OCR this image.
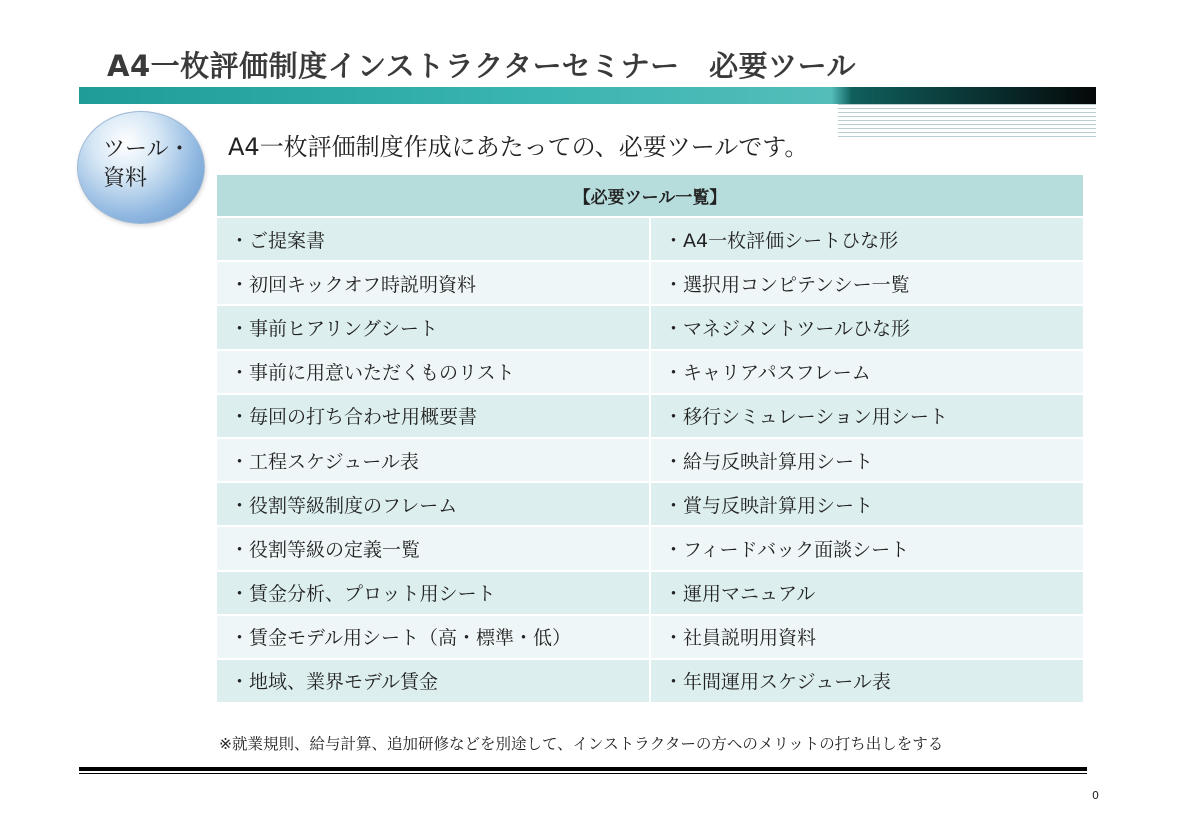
A4一枚評価制度インストラクターセミナー　必要ツール
ツール・
資料
A4一枚評価制度作成にあたっての、必要ツールです。
【必要ツール一覧】	
・ご提案書	・A4一枚評価シートひな形
・初回キックオフ時説明資料	・選択用コンピテンシー一覧
・事前ヒアリングシート	・マネジメントツールひな形
・事前に用意いただくものリスト	・キャリアパスフレーム
・毎回の打ち合わせ用概要書	・移行シミュレーション用シート
・工程スケジュール表	・給与反映計算用シート
・役割等級制度のフレーム	・賞与反映計算用シート
・役割等級の定義一覧	・フィードバック面談シート
・賃金分析、プロット用シート	・運用マニュアル
・賃金モデル用シート（高・標準・低）	・社員説明用資料
・地域、業界モデル賃金	・年間運用スケジュール表
※就業規則、給与計算、追加研修などを別途して、インストラクターの方へのメリットの打ち出しをする
0
